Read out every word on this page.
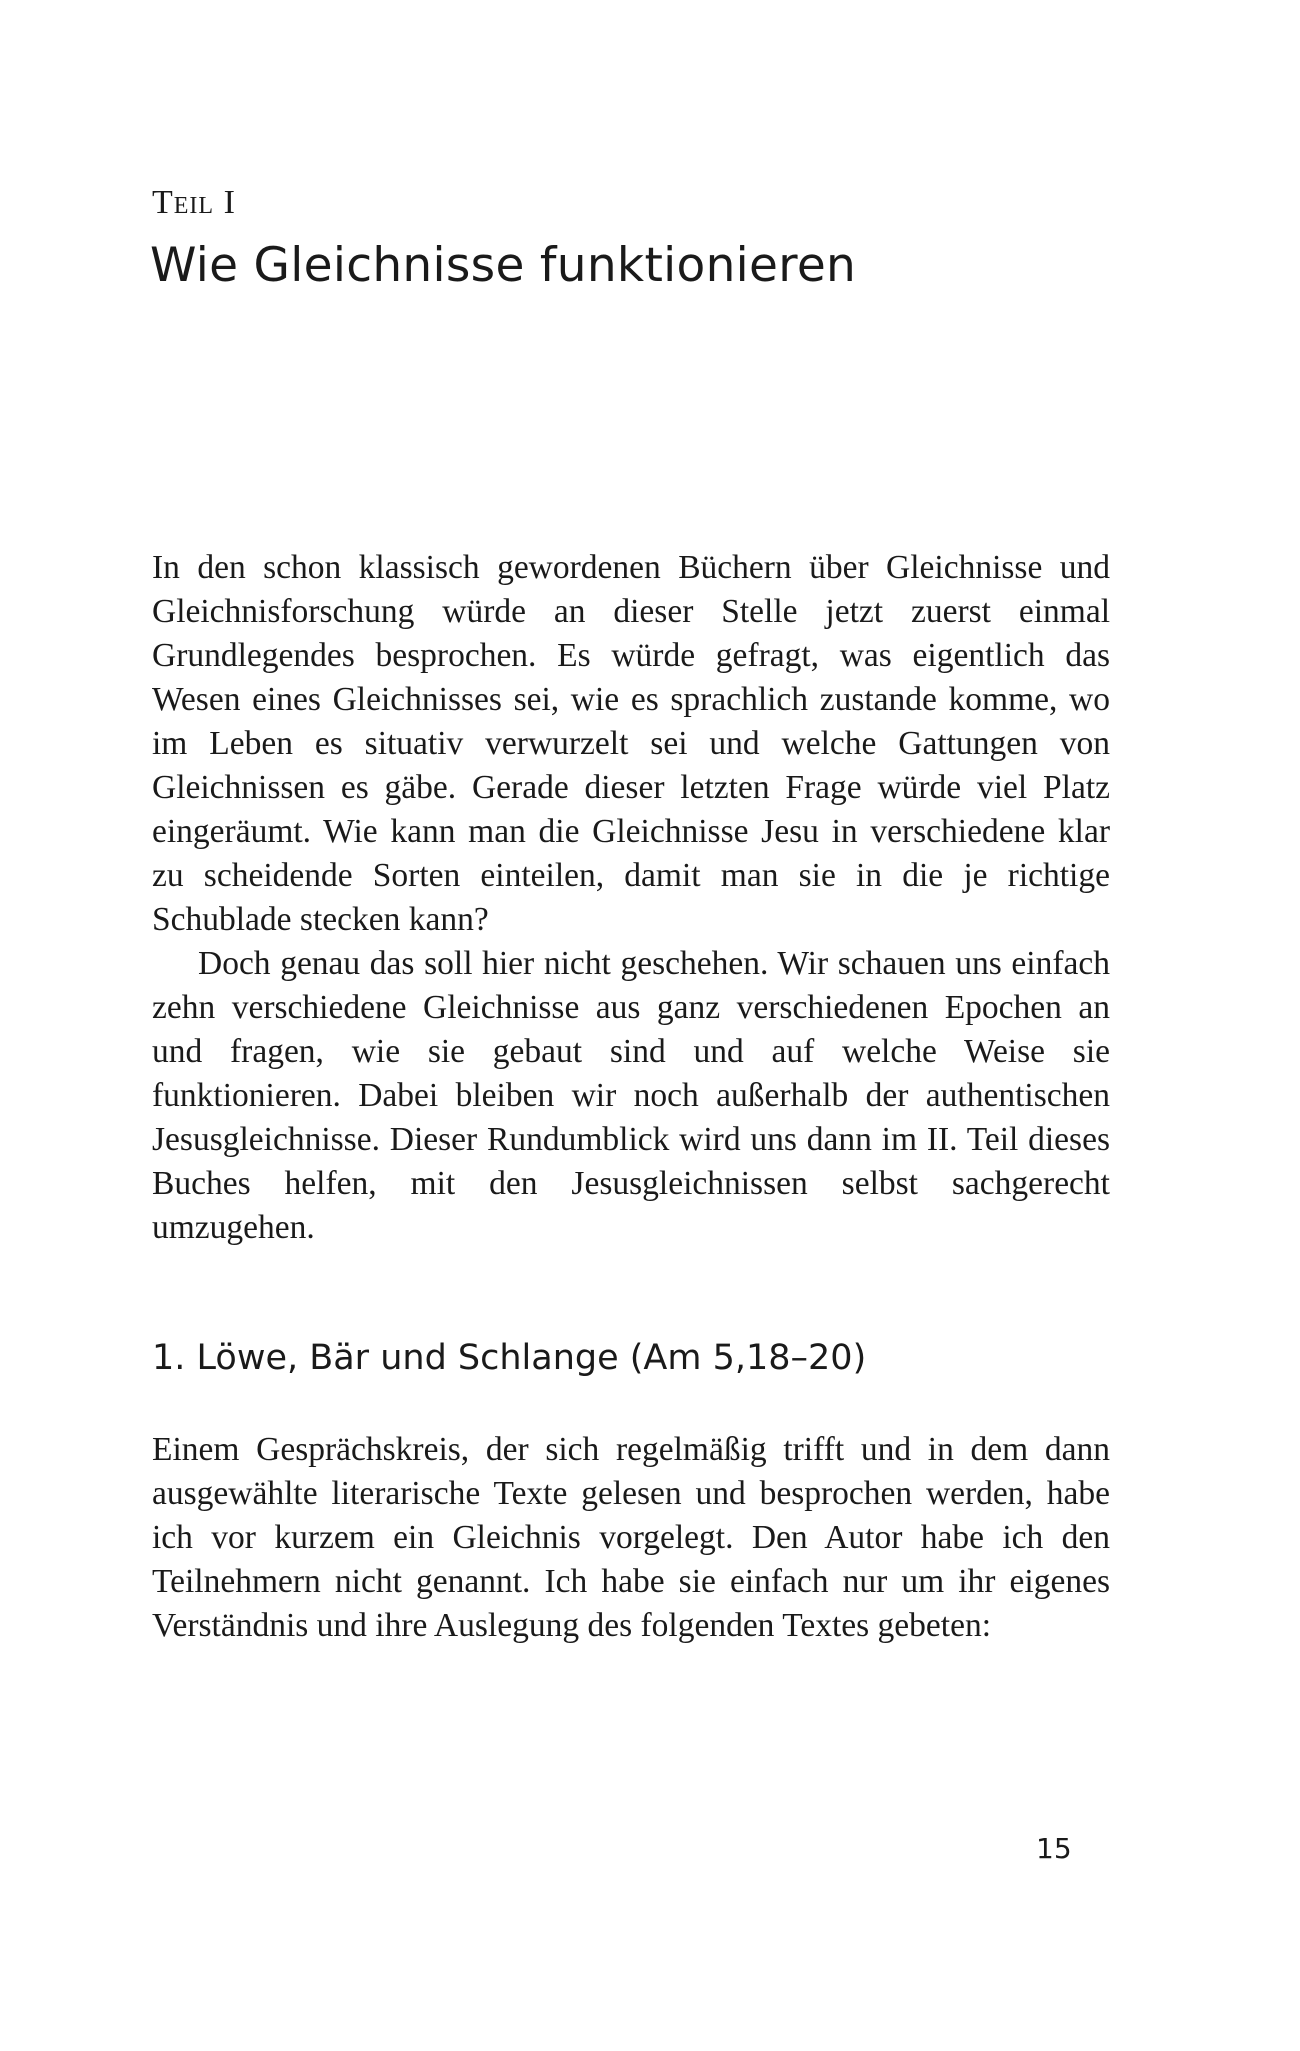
Teil I
Wie Gleichnisse funktionieren

In den schon klassisch gewordenen Büchern über Gleichnisse und Gleichnisforschung würde an dieser Stelle jetzt zuerst einmal Grundlegendes besprochen. Es würde gefragt, was eigentlich das Wesen eines Gleichnisses sei, wie es sprachlich zustande komme, wo im Leben es situativ verwurzelt sei und welche Gattungen von Gleichnissen es gäbe. Gerade dieser letzten Frage würde viel Platz eingeräumt. Wie kann man die Gleichnisse Jesu in verschiedene klar zu scheidende Sorten einteilen, damit man sie in die je richtige Schublade stecken kann?

Doch genau das soll hier nicht geschehen. Wir schauen uns einfach zehn verschiedene Gleichnisse aus ganz verschiedenen Epochen an und fragen, wie sie gebaut sind und auf welche Weise sie funktionieren. Dabei bleiben wir noch außerhalb der authentischen Jesusgleichnisse. Dieser Rundumblick wird uns dann im II. Teil dieses Buches helfen, mit den Jesusgleichnissen selbst sachgerecht umzugehen.

1. Löwe, Bär und Schlange (Am 5,18–20)

Einem Gesprächskreis, der sich regelmäßig trifft und in dem dann ausgewählte literarische Texte gelesen und besprochen werden, habe ich vor kurzem ein Gleichnis vorgelegt. Den Autor habe ich den Teilnehmern nicht genannt. Ich habe sie einfach nur um ihr eigenes Verständnis und ihre Auslegung des folgenden Textes gebeten:

15
